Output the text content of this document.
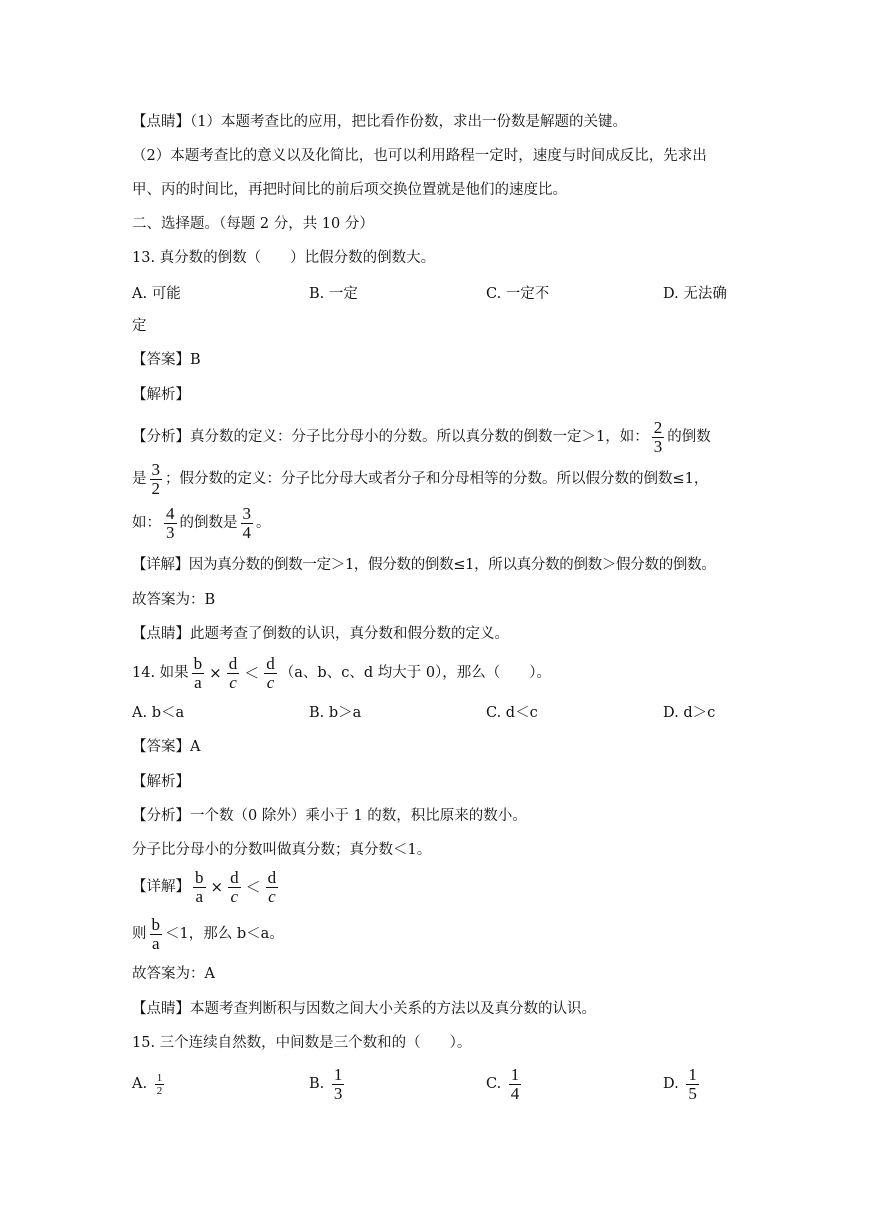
【点睛】（1）本题考查比的应用，把比看作份数，求出一份数是解题的关键。
（2）本题考查比的意义以及化简比，也可以利用路程一定时，速度与时间成反比，先求出
甲、丙的时间比，再把时间比的前后项交换位置就是他们的速度比。
二、选择题。（每题 2 分，共 10 分）
13. 真分数的倒数（　　）比假分数的倒数大。
A. 可能	B. 一定	C. 一定不	D. 无法确
定
【答案】B
【解析】
【分析】真分数的定义：分子比分母小的分数。所以真分数的倒数一定＞1，如： $\frac{2}{3}$ 的倒数
是 $\frac{3}{2}$ ；假分数的定义：分子比分母大或者分子和分母相等的分数。所以假分数的倒数≤1，
如： $\frac{4}{3}$ 的倒数是 $\frac{3}{4}$ 。
【详解】因为真分数的倒数一定＞1，假分数的倒数≤1，所以真分数的倒数＞假分数的倒数。
故答案为：B
【点睛】此题考查了倒数的认识，真分数和假分数的定义。
14. 如果 $\frac{b}{a} \times \frac{d}{c} < \frac{d}{c} (a$、b、c、d 均大于 0），那么（　　）。
A. b＜a	B. b＞a	C. d＜c	D. d＞c
【答案】A
【解析】
【分析】一个数（0 除外）乘小于 1 的数，积比原来的数小。
分子比分母小的分数叫做真分数；真分数＜1。
【详解】 $\frac{b}{a} \times \frac{d}{c} < \frac{d}{c}$
则 $\frac{b}{a} <1$，那么 b＜a。
故答案为：A
【点睛】本题考查判断积与因数之间大小关系的方法以及真分数的认识。
15. 三个连续自然数，中间数是三个数和的（　　）。
A. $\frac{1}{2}$	B. $\frac{1}{3}$	C. $\frac{1}{4}$	D. $\frac{1}{5}$
